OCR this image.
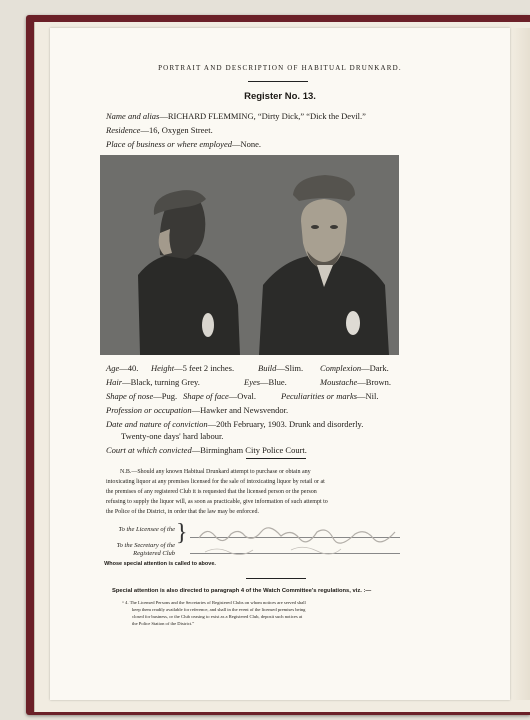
PORTRAIT AND DESCRIPTION OF HABITUAL DRUNKARD.
Register No. 13.
Name and alias—RICHARD FLEMMING, “Dirty Dick,” “Dick the Devil.”
Residence—16, Oxygen Street.
Place of business or where employed—None.
Age—40. Height—5 feet 2 inches.	Build—Slim. Complexion—Dark.
Hair—Black, turning Grey.	Eyes—Blue.	Moustache—Brown.
Shape of nose—Pug. Shape of face—Oval.	Peculiarities or marks—Nil.
Profession or occupation—Hawker and Newsvendor.
Date and nature of conviction—20th February, 1903. Drunk and disorderly.
Twenty-one days' hard labour.
Court at which convicted—Birmingham City Police Court.
N.B.—Should any known Habitual Drunkard attempt to purchase or obtain any
intoxicating liquor at any premises licensed for the sale of intoxicating liquor by retail or at
the premises of any registered Club it is requested that the licensed person or the person
refusing to supply the liquor will, as soon as practicable, give information of such attempt to
the Police of the District, in order that the law may be enforced.
To the Licensee of the
To the Secretary of the
Registered Club
}
Whose special attention is called to above.
Special attention is also directed to paragraph 4 of the Watch Committee's regulations, viz. :—
“ 4. The Licensed Persons and the Secretaries of Registered Clubs on whom notices are served shall
keep them readily available for reference, and shall in the event of the licensed premises being
closed for business, or the Club ceasing to exist as a Registered Club, deposit such notices at
the Police Station of the District.”
